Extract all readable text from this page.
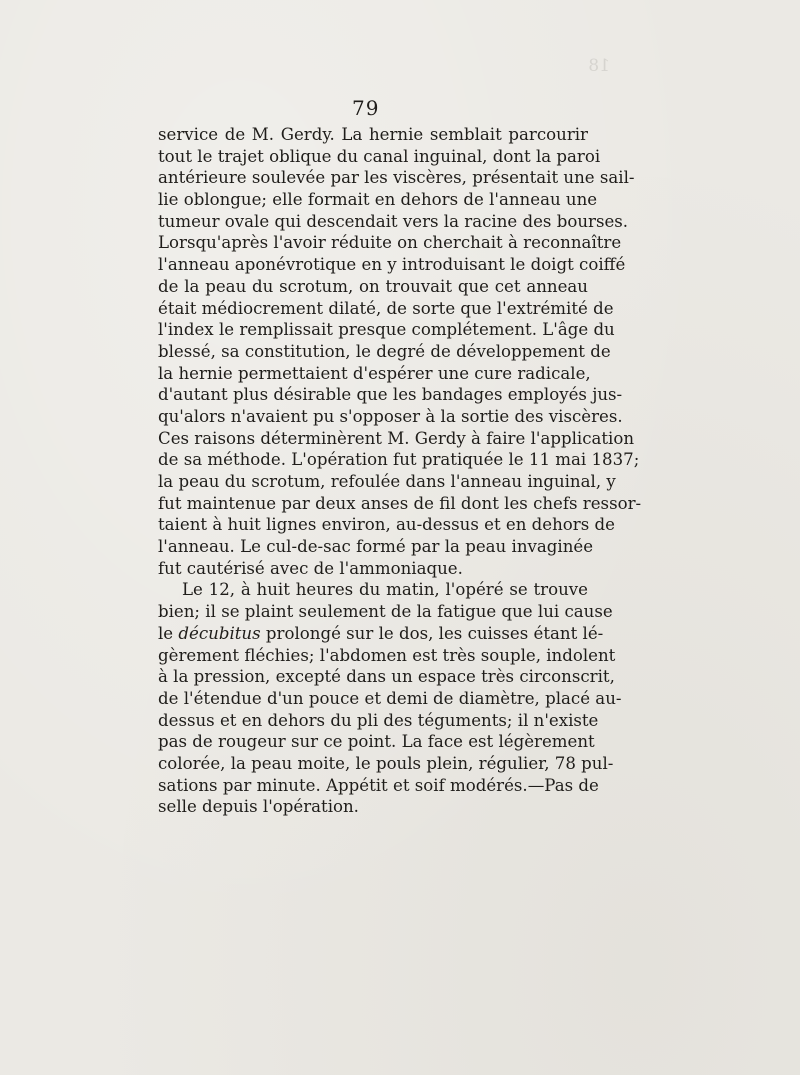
18
79
service de M. Gerdy. La hernie semblait parcourir
tout le trajet oblique du canal inguinal, dont la paroi
antérieure soulevée par les viscères, présentait une sail-
lie oblongue; elle formait en dehors de l'anneau une
tumeur ovale qui descendait vers la racine des bourses.
Lorsqu'après l'avoir réduite on cherchait à reconnaître
l'anneau aponévrotique en y introduisant le doigt coiffé
de la peau du scrotum, on trouvait que cet anneau
était médiocrement dilaté, de sorte que l'extrémité de
l'index le remplissait presque complétement. L'âge du
blessé, sa constitution, le degré de développement de
la hernie permettaient d'espérer une cure radicale,
d'autant plus désirable que les bandages employés jus-
qu'alors n'avaient pu s'opposer à la sortie des viscères.
Ces raisons déterminèrent M. Gerdy à faire l'application
de sa méthode. L'opération fut pratiquée le 11 mai 1837;
la peau du scrotum, refoulée dans l'anneau inguinal, y
fut maintenue par deux anses de fil dont les chefs ressor-
taient à huit lignes environ, au-dessus et en dehors de
l'anneau. Le cul-de-sac formé par la peau invaginée
fut cautérisé avec de l'ammoniaque.
Le 12, à huit heures du matin, l'opéré se trouve
bien; il se plaint seulement de la fatigue que lui cause
le décubitus prolongé sur le dos, les cuisses étant lé-
gèrement fléchies; l'abdomen est très souple, indolent
à la pression, excepté dans un espace très circonscrit,
de l'étendue d'un pouce et demi de diamètre, placé au-
dessus et en dehors du pli des téguments; il n'existe
pas de rougeur sur ce point. La face est légèrement
colorée, la peau moite, le pouls plein, régulier, 78 pul-
sations par minute. Appétit et soif modérés.—Pas de
selle depuis l'opération.
